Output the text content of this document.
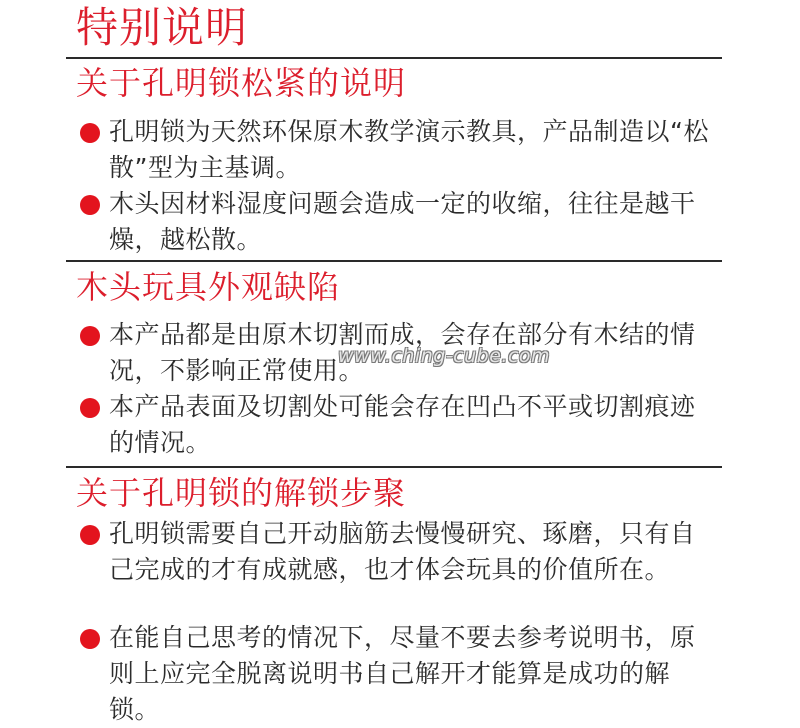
特别说明
关于孔明锁松紧的说明

孔明锁为天然环保原木教学演示教具，产品制造以“松散”型为主基调。

木头因材料湿度问题会造成一定的收缩，往往是越干燥，越松散。

木头玩具外观缺陷

本产品都是由原木切割而成，会存在部分有木结的情况，不影响正常使用。

本产品表面及切割处可能会存在凹凸不平或切割痕迹的情况。

关于孔明锁的解锁步聚

孔明锁需要自己开动脑筋去慢慢研究、琢磨，只有自己完成的才有成就感，也才体会玩具的价值所在。

在能自己思考的情况下，尽量不要去参考说明书，原则上应完全脱离说明书自己解开才能算是成功的解锁。

www.ching-cube.com
